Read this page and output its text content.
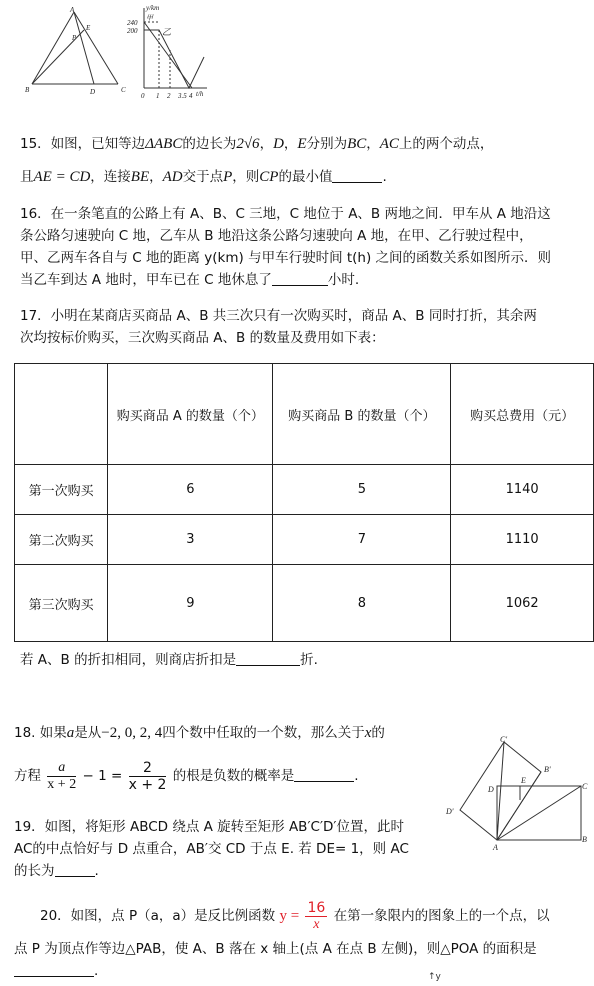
A
B	C
D
E
P
y/km
t/h
240
200
0 1 2 3.5 4
甲
乙
15．如图，已知等边ΔABC的边长为2√6，D，E分别为BC，AC上的两个动点，
且AE = CD，连接BE，AD交于点P，则CP的最小值	.
16．在一条笔直的公路上有 A、B、C 三地，C 地位于 A、B 两地之间．甲车从 A 地沿这
条公路匀速驶向 C 地，乙车从 B 地沿这条公路匀速驶向 A 地，在甲、乙行驶过程中，
甲、乙两车各自与 C 地的距离 y(km) 与甲车行驶时间 t(h) 之间的函数关系如图所示．则
当乙车到达 A 地时，甲车已在 C 地休息了	小时.
17．小明在某商店买商品 A、B 共三次只有一次购买时，商品 A、B 同时打折，其余两
次均按标价购买，三次购买商品 A、B 的数量及费用如下表：
	购买商品 A 的数量（个）	购买商品 B 的数量（个）	购买总费用（元）
第一次购买	6	5	1140
第二次购买	3	7	1110
第三次购买	9	8	1062
若 A、B 的折扣相同，则商店折扣是	折.
18. 如果a是从−2, 0, 2, 4四个数中任取的一个数，那么关于x的
方程 $\frac{a}{x + 2} - 1 = \frac{2}{x + 2}$ 的根是负数的概率是	.
C'
B'
D'
A
B
C
D
E
19．如图，将矩形 ABCD 绕点 A 旋转至矩形 AB′C′D′位置，此时
AC的中点恰好与 D 点重合，AB′交 CD 于点 E. 若 DE= 1，则 AC
的长为	.
20．如图，点 P（a，a）是反比例函数 $y = \frac{16}{x}$ 在第一象限内的图象上的一个点，以
点 P 为顶点作等边△PAB，使 A、B 落在 x 轴上(点 A 在点 B 左侧)，则△POA 的面积是
.	↑y
